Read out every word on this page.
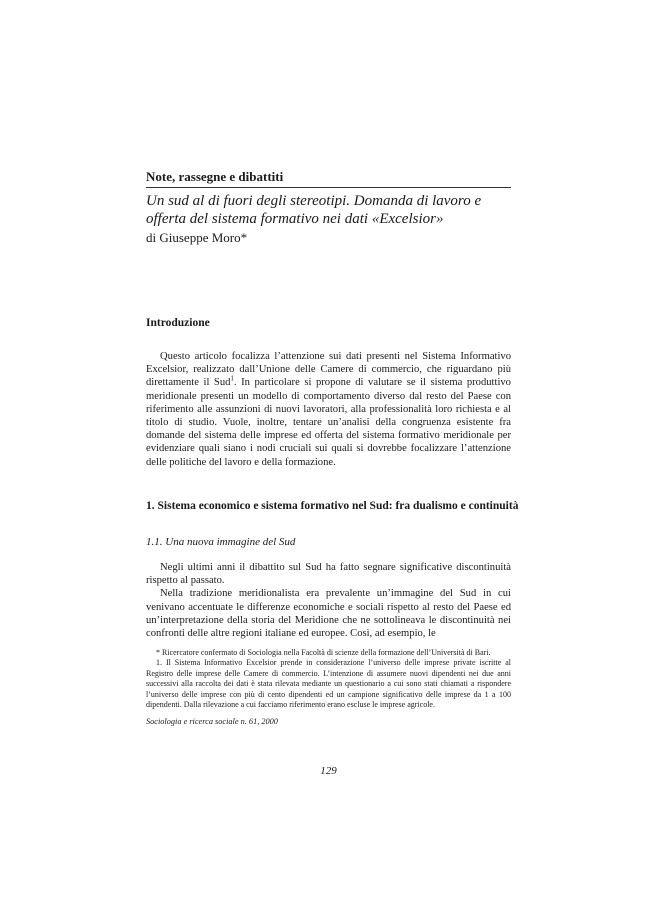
Note, rassegne e dibattiti
Un sud al di fuori degli stereotipi. Domanda di lavoro e offerta del sistema formativo nei dati «Excelsior»
di Giuseppe Moro*
Introduzione
Questo articolo focalizza l’attenzione sui dati presenti nel Sistema Informativo Excelsior, realizzato dall’Unione delle Camere di commercio, che riguardano più direttamente il Sud$^1$. In particolare si propone di valutare se il sistema produttivo meridionale presenti un modello di comportamento diverso dal resto del Paese con riferimento alle assunzioni di nuovi lavoratori, alla professionalità loro richiesta e al titolo di studio. Vuole, inoltre, tentare un’analisi della congruenza esistente fra domande del sistema delle imprese ed offerta del sistema formativo meridionale per evidenziare quali siano i nodi cruciali sui quali si dovrebbe focalizzare l’attenzione delle politiche del lavoro e della formazione.
1. Sistema economico e sistema formativo nel Sud: fra dualismo e continuità
1.1. Una nuova immagine del Sud

Negli ultimi anni il dibattito sul Sud ha fatto segnare significative discontinuità rispetto al passato.

Nella tradizione meridionalista era prevalente un’immagine del Sud in cui venivano accentuate le differenze economiche e sociali rispetto al resto del Paese ed un’interpretazione della storia del Meridione che ne sottolineava le discontinuità nei confronti delle altre regioni italiane ed europee. Così, ad esempio, le

* Ricercatore confermato di Sociologia nella Facoltà di scienze della formazione dell’Università di Bari.

1. Il Sistema Informativo Excelsior prende in considerazione l’universo delle imprese private iscritte al Registro delle imprese delle Camere di commercio. L’intenzione di assumere nuovi dipendenti nei due anni successivi alla raccolta dei dati è stata rilevata mediante un questionario a cui sono stati chiamati a rispondere l’universo delle imprese con più di cento dipendenti ed un campione significativo delle imprese da 1 a 100 dipendenti. Dalla rilevazione a cui facciamo riferimento erano escluse le imprese agricole.

Sociologia e ricerca sociale n. 61, 2000
129
